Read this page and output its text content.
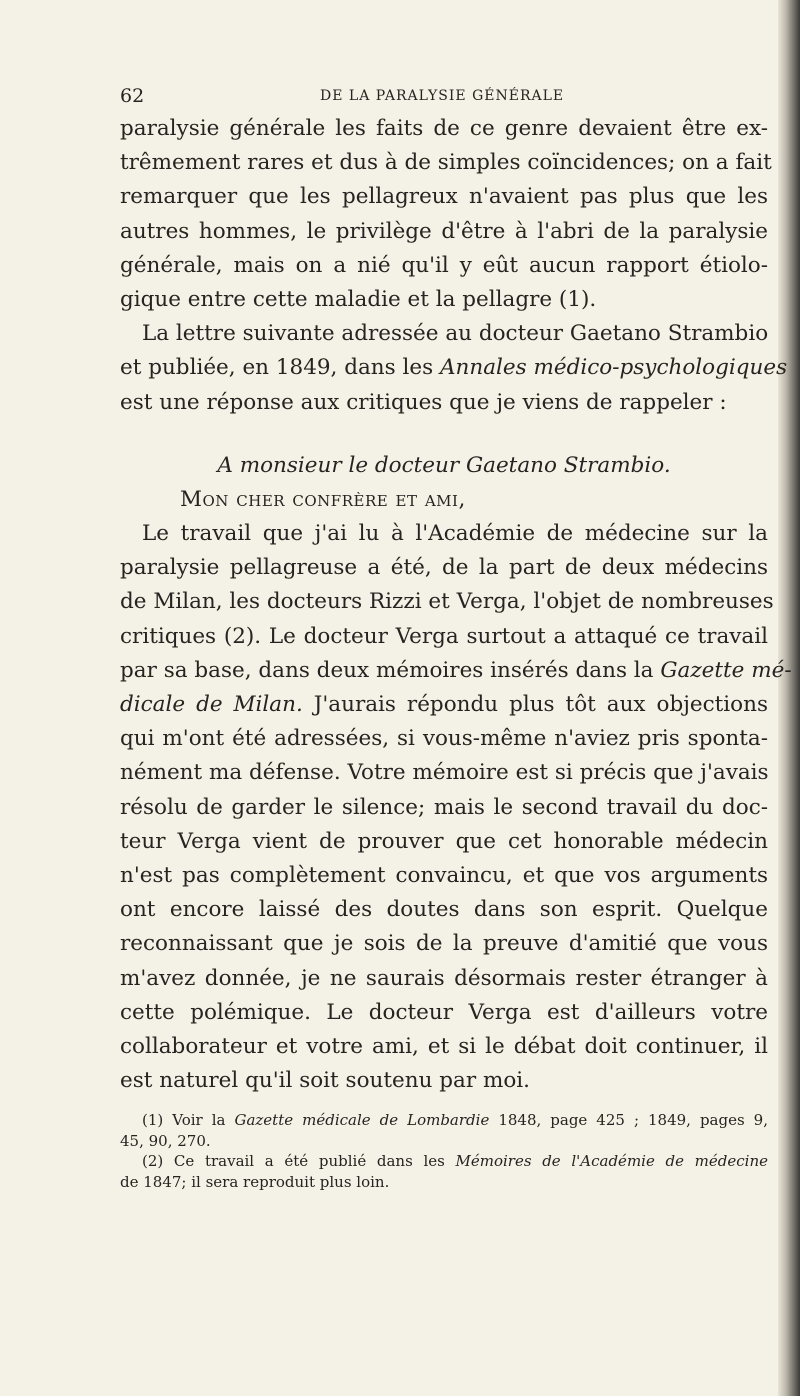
62	DE LA PARALYSIE GÉNÉRALE
paralysie générale les faits de ce genre devaient être ex-
trêmement rares et dus à de simples coïncidences; on a fait
remarquer que les pellagreux n'avaient pas plus que les
autres hommes, le privilège d'être à l'abri de la paralysie
générale, mais on a nié qu'il y eût aucun rapport étiolo-
gique entre cette maladie et la pellagre (1).
La lettre suivante adressée au docteur Gaetano Strambio
et publiée, en 1849, dans les Annales médico-psychologiques
est une réponse aux critiques que je viens de rappeler :
A monsieur le docteur Gaetano Strambio.
Mon cher confrère et ami,
Le travail que j'ai lu à l'Académie de médecine sur la
paralysie pellagreuse a été, de la part de deux médecins
de Milan, les docteurs Rizzi et Verga, l'objet de nombreuses
critiques (2). Le docteur Verga surtout a attaqué ce travail
par sa base, dans deux mémoires insérés dans la Gazette mé-
dicale de Milan. J'aurais répondu plus tôt aux objections
qui m'ont été adressées, si vous-même n'aviez pris sponta-
nément ma défense. Votre mémoire est si précis que j'avais
résolu de garder le silence; mais le second travail du doc-
teur Verga vient de prouver que cet honorable médecin
n'est pas complètement convaincu, et que vos arguments
ont encore laissé des doutes dans son esprit. Quelque
reconnaissant que je sois de la preuve d'amitié que vous
m'avez donnée, je ne saurais désormais rester étranger à
cette polémique. Le docteur Verga est d'ailleurs votre
collaborateur et votre ami, et si le débat doit continuer, il
est naturel qu'il soit soutenu par moi.
(1) Voir la Gazette médicale de Lombardie 1848, page 425 ; 1849, pages 9,
45, 90, 270.
(2) Ce travail a été publié dans les Mémoires de l'Académie de médecine
de 1847; il sera reproduit plus loin.
